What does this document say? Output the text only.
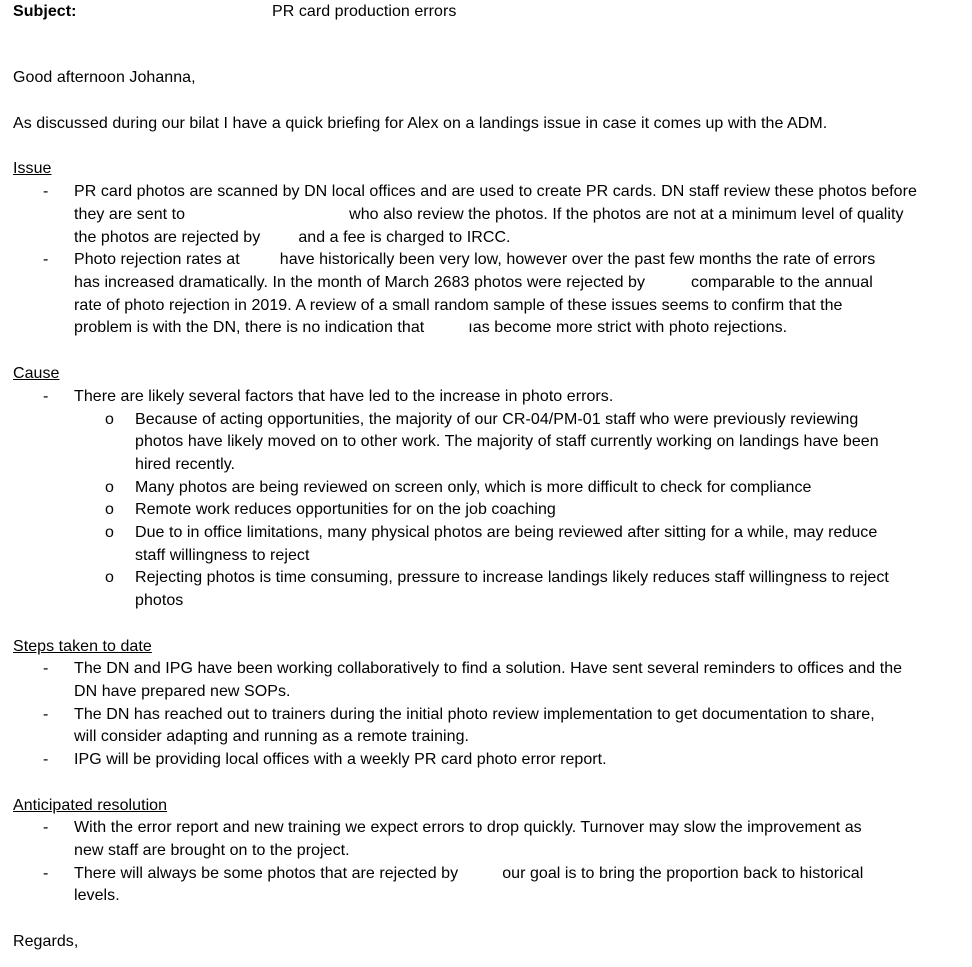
Subject:	PR card production errors
Good afternoon Johanna,
As discussed during our bilat I have a quick briefing for Alex on a landings issue in case it comes up with the ADM.
Issue
- PR card photos are scanned by DN local offices and are used to create PR cards. DN staff review these photos before
they are sent to	who also review the photos. If the photos are not at a minimum level of quality
the photos are rejected by and a fee is charged to IRCC.
- Photo rejection rates at	have historically been very low, however over the past few months the rate of errors
has increased dramatically. In the month of March 2683 photos were rejected by	comparable to the annual
rate of photo rejection in 2019. A review of a small random sample of these issues seems to confirm that the
problem is with the DN, there is no indication that	ıas become more strict with photo rejections.
Cause
- There are likely several factors that have led to the increase in photo errors.
o Because of acting opportunities, the majority of our CR-04/PM-01 staff who were previously reviewing
photos have likely moved on to other work. The majority of staff currently working on landings have been
hired recently.
o Many photos are being reviewed on screen only, which is more difficult to check for compliance
o Remote work reduces opportunities for on the job coaching
o Due to in office limitations, many physical photos are being reviewed after sitting for a while, may reduce
staff willingness to reject
o Rejecting photos is time consuming, pressure to increase landings likely reduces staff willingness to reject
photos
Steps taken to date
- The DN and IPG have been working collaboratively to find a solution. Have sent several reminders to offices and the
DN have prepared new SOPs.
- The DN has reached out to trainers during the initial photo review implementation to get documentation to share,
will consider adapting and running as a remote training.
- IPG will be providing local offices with a weekly PR card photo error report.
Anticipated resolution
- With the error report and new training we expect errors to drop quickly. Turnover may slow the improvement as
new staff are brought on to the project.
- There will always be some photos that are rejected by	our goal is to bring the proportion back to historical
levels.
Regards,
